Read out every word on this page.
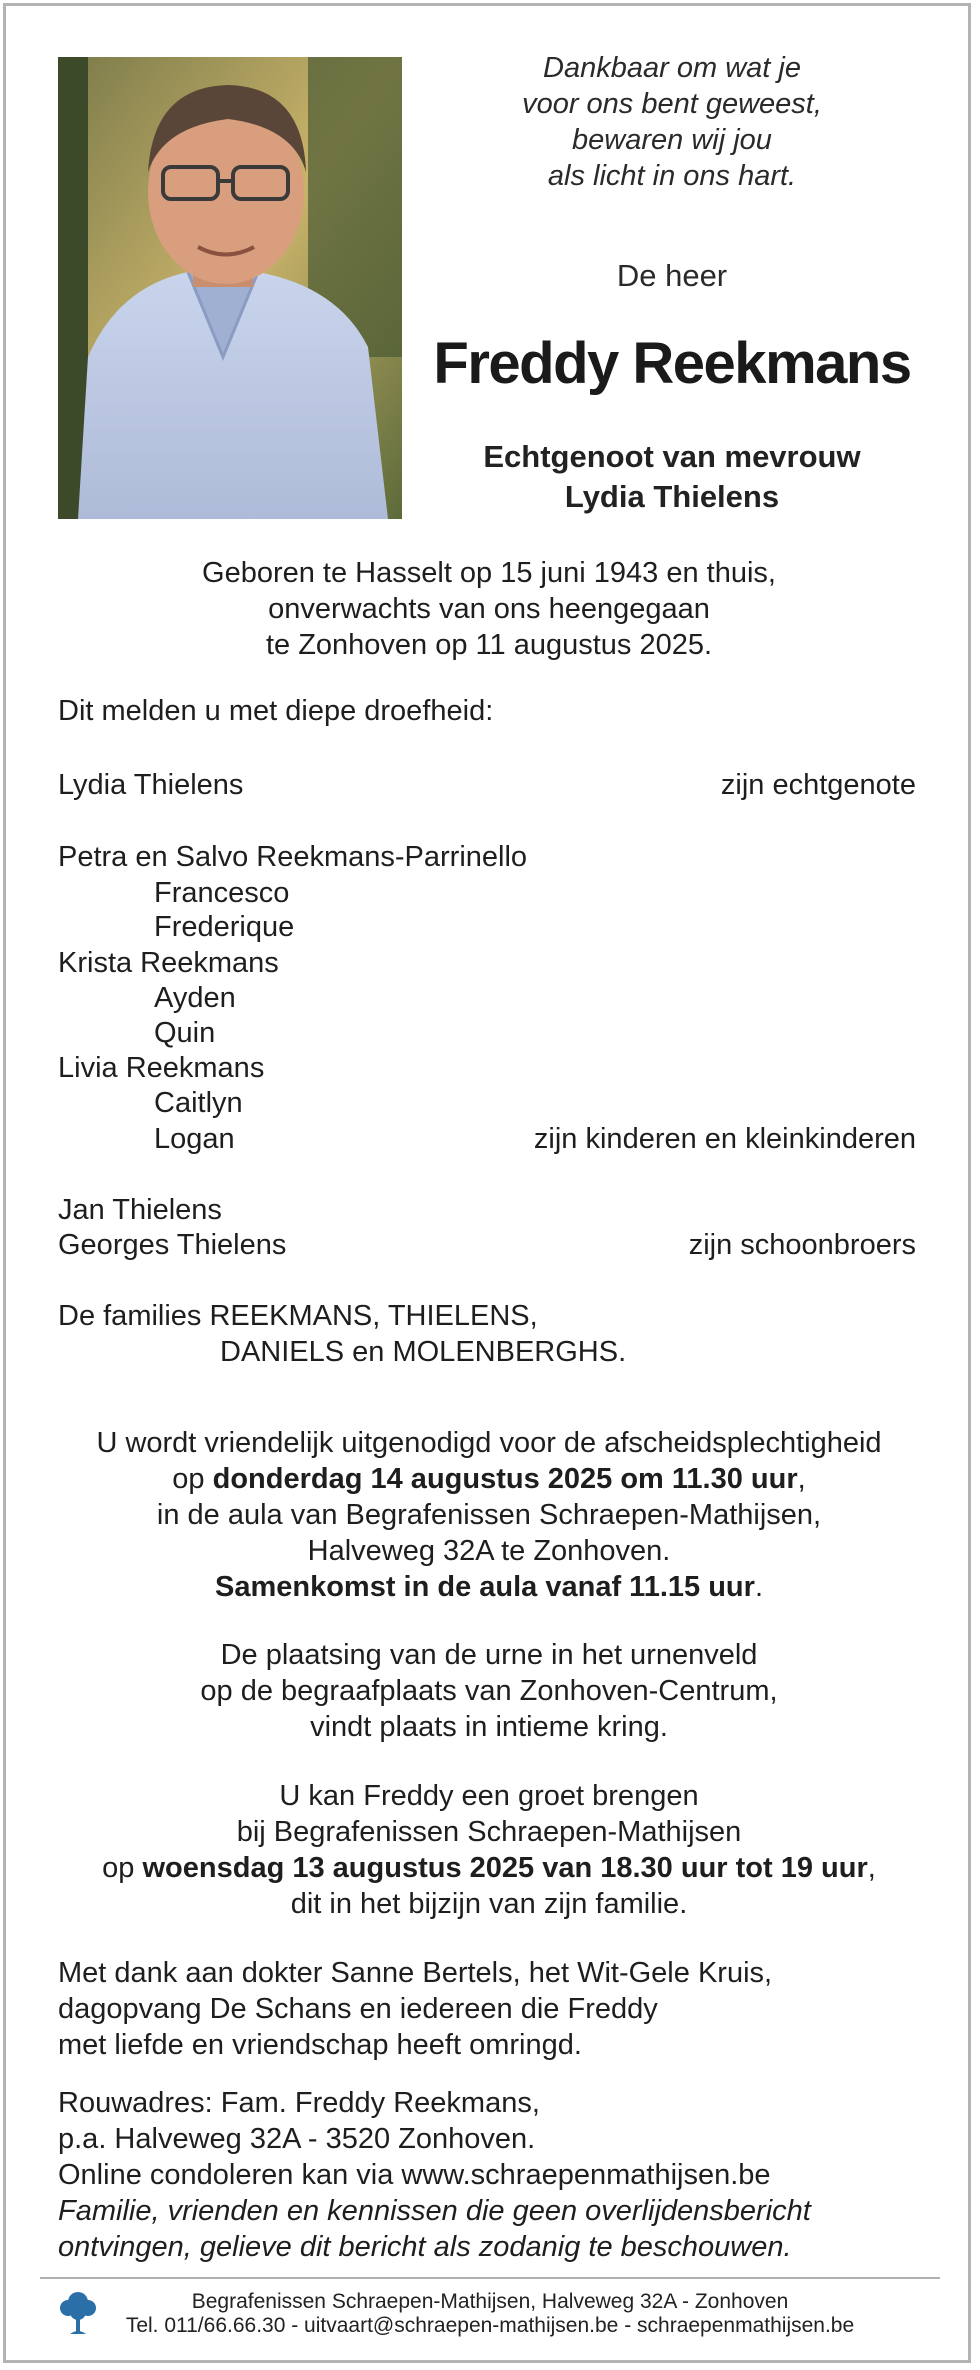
Dankbaar om wat je
voor ons bent geweest,
bewaren wij jou
als licht in ons hart.
De heer
Freddy Reekmans
Echtgenoot van mevrouw
Lydia Thielens
Geboren te Hasselt op 15 juni 1943 en thuis,
onverwachts van ons heengegaan
te Zonhoven op 11 augustus 2025.
Dit melden u met diepe droefheid:
Lydia Thielens	zijn echtgenote
Petra en Salvo Reekmans-Parrinello
Francesco
Frederique
Krista Reekmans
Ayden
Quin
Livia Reekmans
Caitlyn
Logan	zijn kinderen en kleinkinderen
Jan Thielens
Georges Thielens	zijn schoonbroers
De families REEKMANS, THIELENS,
DANIELS en MOLENBERGHS.
U wordt vriendelijk uitgenodigd voor de afscheidsplechtigheid
op donderdag 14 augustus 2025 om 11.30 uur,
in de aula van Begrafenissen Schraepen-Mathijsen,
Halveweg 32A te Zonhoven.
Samenkomst in de aula vanaf 11.15 uur.
De plaatsing van de urne in het urnenveld
op de begraafplaats van Zonhoven-Centrum,
vindt plaats in intieme kring.
U kan Freddy een groet brengen
bij Begrafenissen Schraepen-Mathijsen
op woensdag 13 augustus 2025 van 18.30 uur tot 19 uur,
dit in het bijzijn van zijn familie.
Met dank aan dokter Sanne Bertels, het Wit-Gele Kruis,
dagopvang De Schans en iedereen die Freddy
met liefde en vriendschap heeft omringd.
Rouwadres: Fam. Freddy Reekmans,
p.a. Halveweg 32A - 3520 Zonhoven.
Online condoleren kan via www.schraepenmathijsen.be
Familie, vrienden en kennissen die geen overlijdensbericht
ontvingen, gelieve dit bericht als zodanig te beschouwen.
Begrafenissen Schraepen-Mathijsen, Halveweg 32A - Zonhoven
Tel. 011/66.66.30 - uitvaart@schraepen-mathijsen.be - schraepenmathijsen.be
